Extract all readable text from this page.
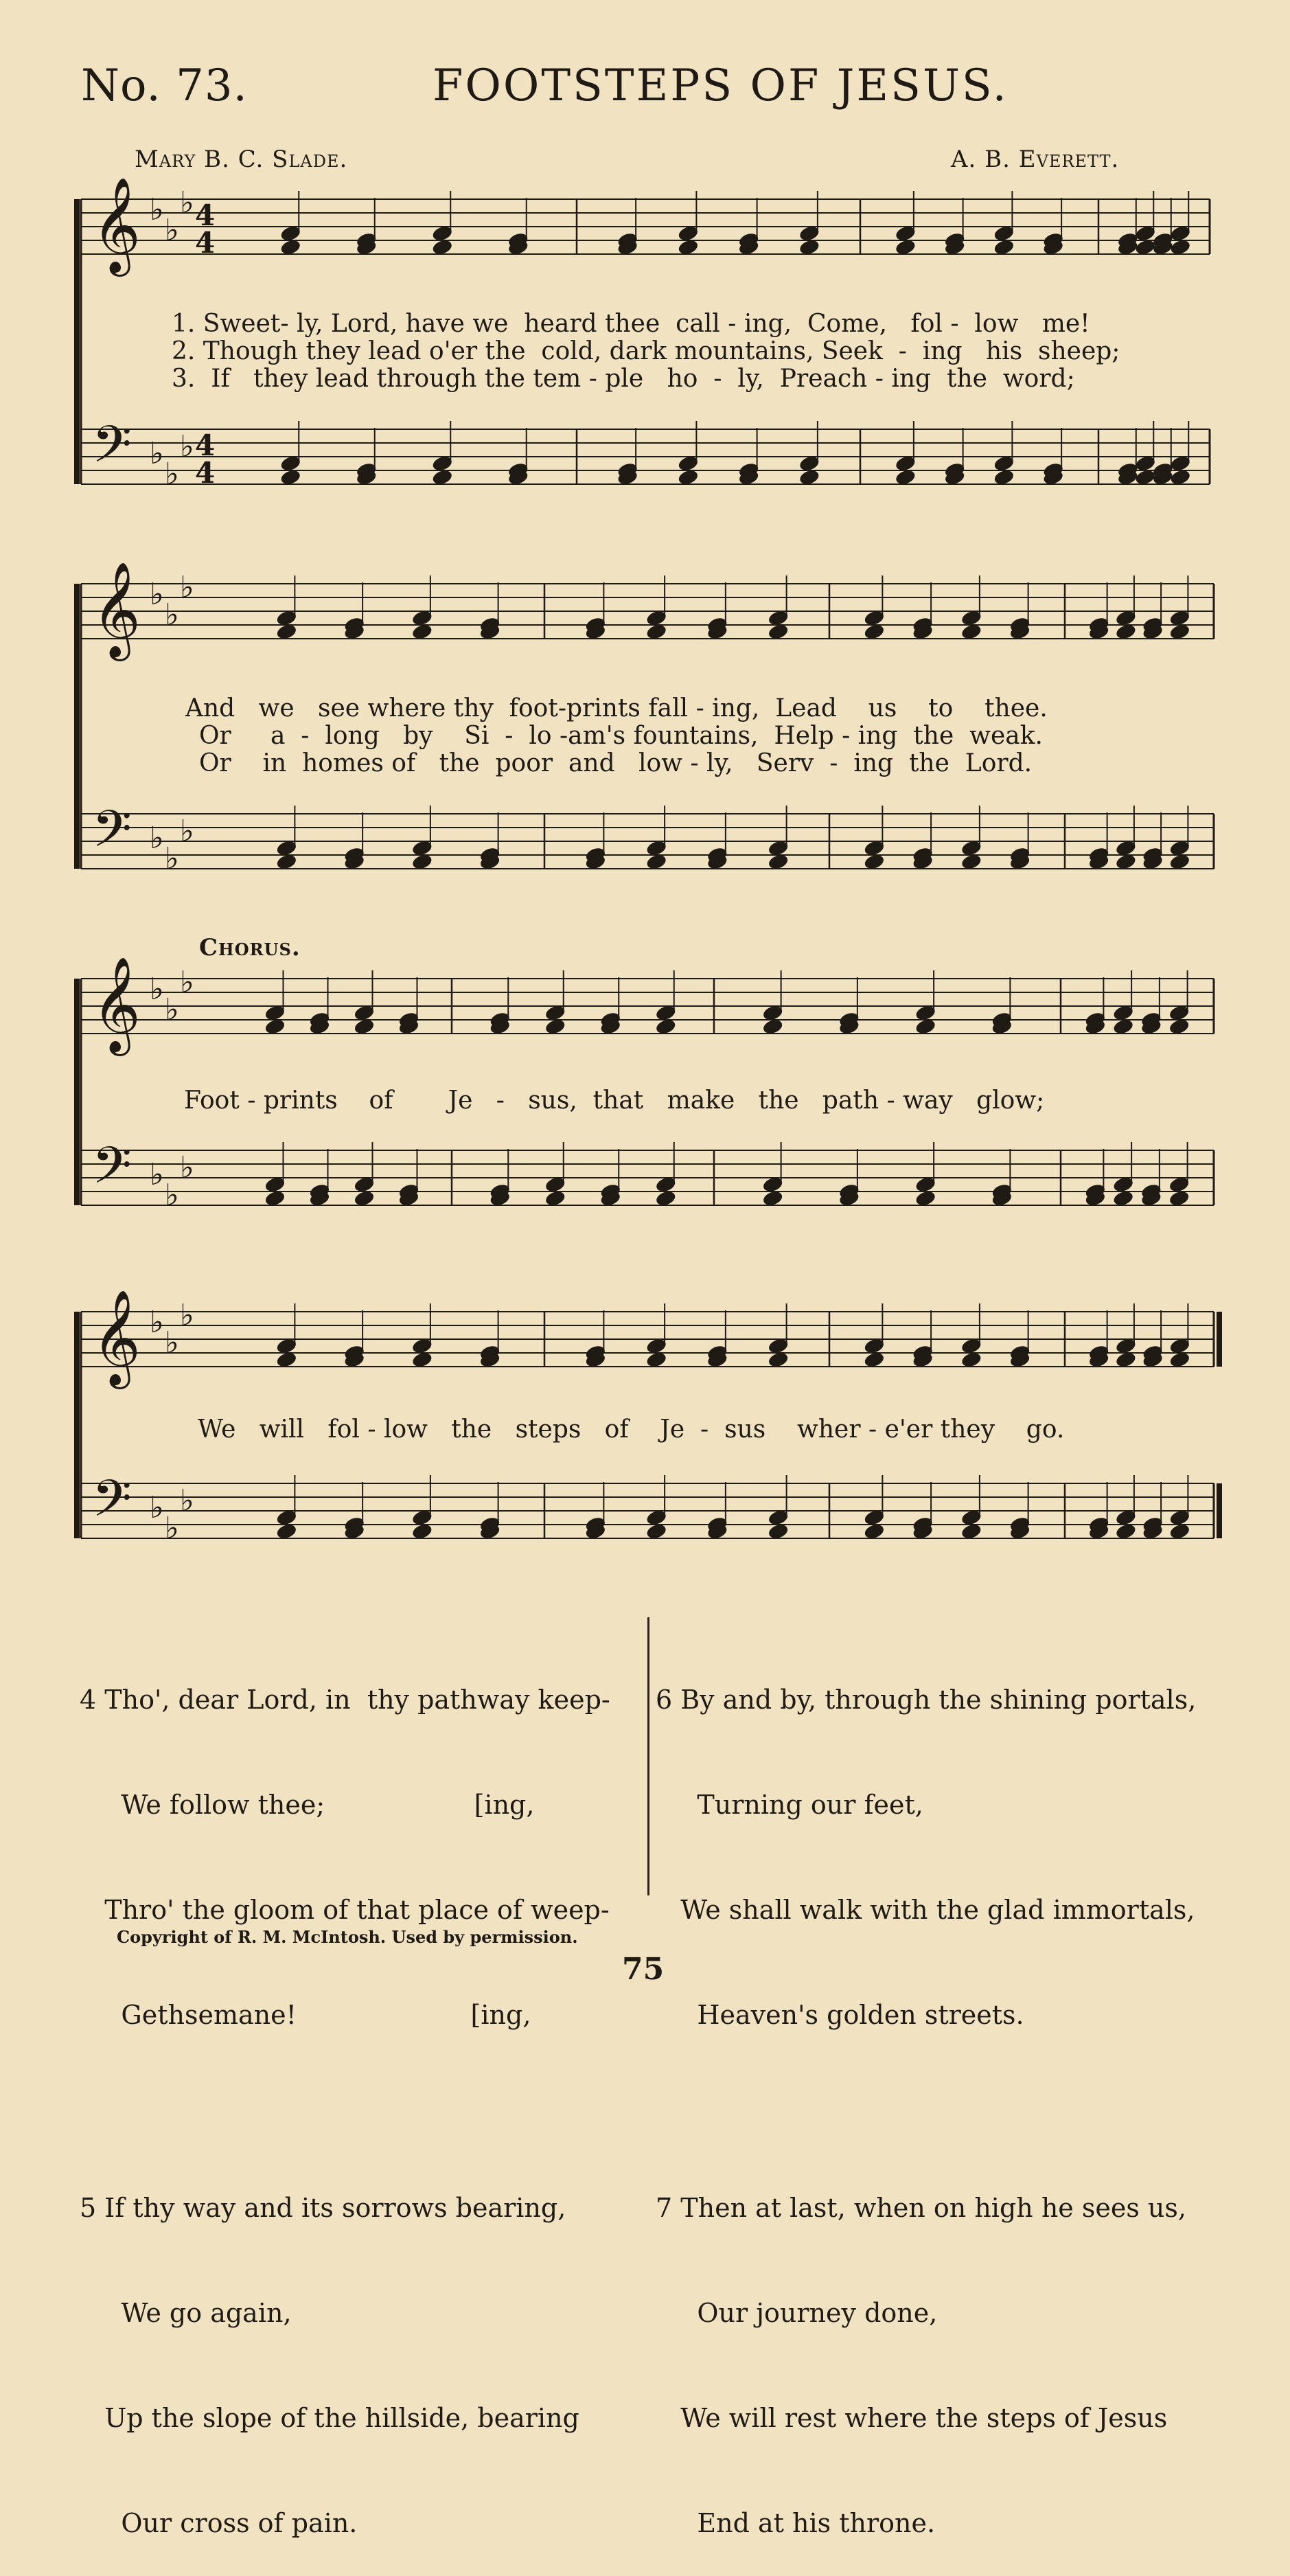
No. 73.	FOOTSTEPS OF JESUS.
Mary B. C. Slade.	A. B. Everett.
𝄞 ♭
♭
♭ 4
4
𝄢 ♭
♭
♭ 4
4
𝄞 ♭
♭
♭
𝄢 ♭
♭
♭
𝄞 ♭
♭
♭
𝄢 ♭
♭
♭
𝄞 ♭
♭
♭
𝄢 ♭
♭
♭
1. Sweet- ly, Lord, have we  heard thee  call - ing,  Come,   fol -  low   me!
2. Though they lead o'er the  cold, dark mountains, Seek  -  ing   his  sheep;
3.  If   they lead through the tem - ple   ho  -  ly,  Preach - ing  the  word;
And   we   see where thy  foot-prints fall - ing,  Lead    us    to    thee.
Or     a  -  long   by    Si  -  lo -am's fountains,  Help - ing  the  weak.
Or    in  homes of   the  poor  and   low - ly,   Serv  -  ing  the  Lord.
Chorus.
Foot - prints    of       Je   -   sus,  that   make   the   path - way   glow;
We   will   fol - low   the   steps   of    Je  -  sus    wher - e'er they    go.

4 Tho', dear Lord, in  thy pathway keep-

We follow thee;                  [ing,

Thro' the gloom of that place of weep-

Gethsemane!                     [ing,

5 If thy way and its sorrows bearing,

We go again,

Up the slope of the hillside, bearing

Our cross of pain.

6 By and by, through the shining portals,

Turning our feet,

We shall walk with the glad immortals,

Heaven's golden streets.

7 Then at last, when on high he sees us,

Our journey done,

We will rest where the steps of Jesus

End at his throne.

Copyright of R. M. McIntosh. Used by permission.
75
